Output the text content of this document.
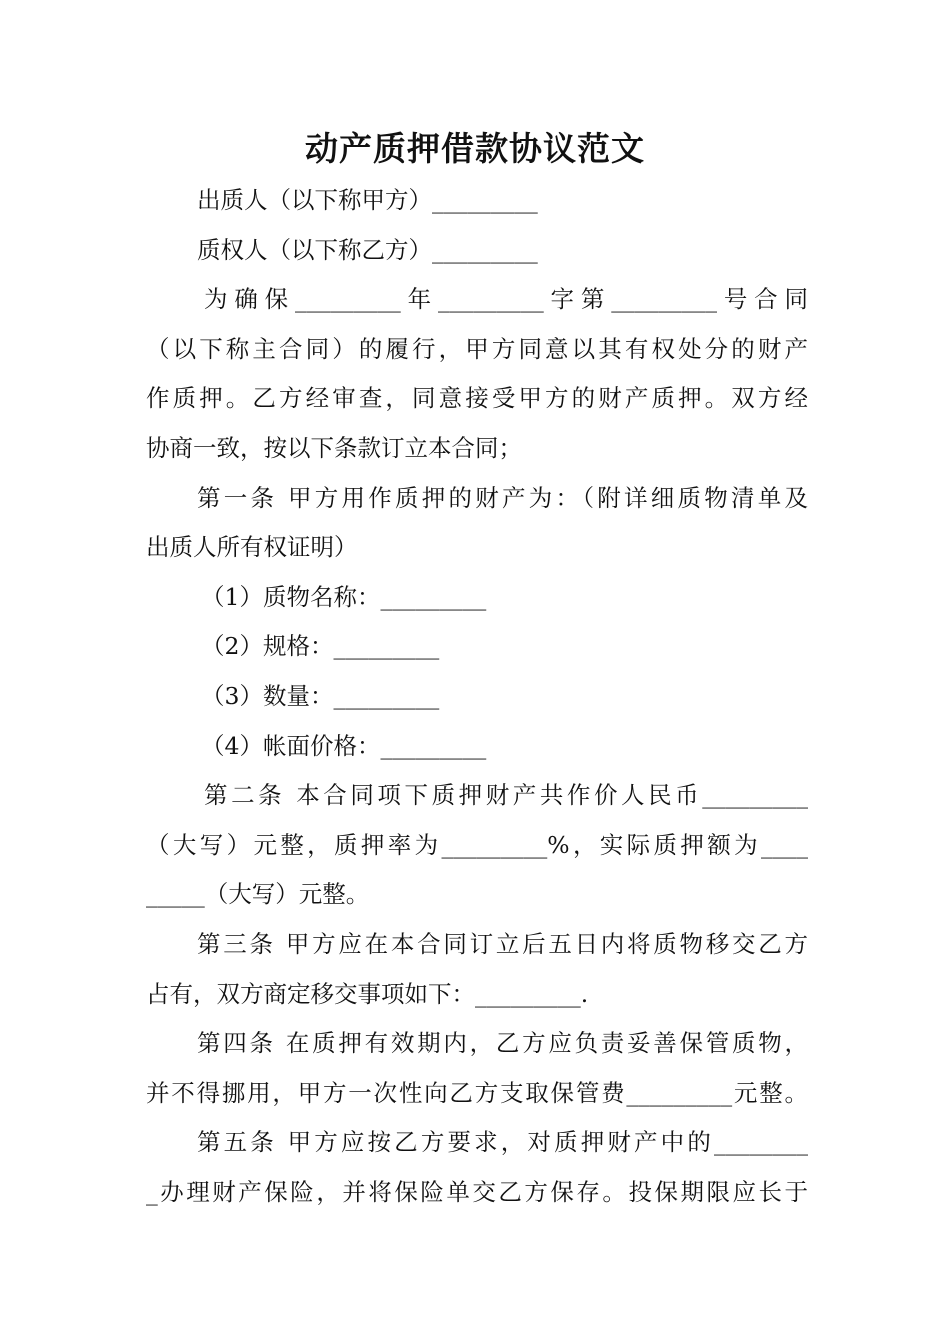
动产质押借款协议范文
出质人（以下称甲方）_________
质权人（以下称乙方）_________
为确保_________年_________字第_________号合同
（以下称主合同）的履行，甲方同意以其有权处分的财产
作质押。乙方经审查，同意接受甲方的财产质押。双方经
协商一致，按以下条款订立本合同；
第一条 甲方用作质押的财产为：（附详细质物清单及
出质人所有权证明）
（1）质物名称：_________
（2）规格：_________
（3）数量：_________
（4）帐面价格：_________
第二条 本合同项下质押财产共作价人民币_________
（大写）元整，质押率为_________%，实际质押额为____
_____（大写）元整。
第三条 甲方应在本合同订立后五日内将质物移交乙方
占有，双方商定移交事项如下：_________.
第四条 在质押有效期内，乙方应负责妥善保管质物，
并不得挪用，甲方一次性向乙方支取保管费_________元整。
第五条 甲方应按乙方要求，对质押财产中的________
_办理财产保险，并将保险单交乙方保存。投保期限应长于
